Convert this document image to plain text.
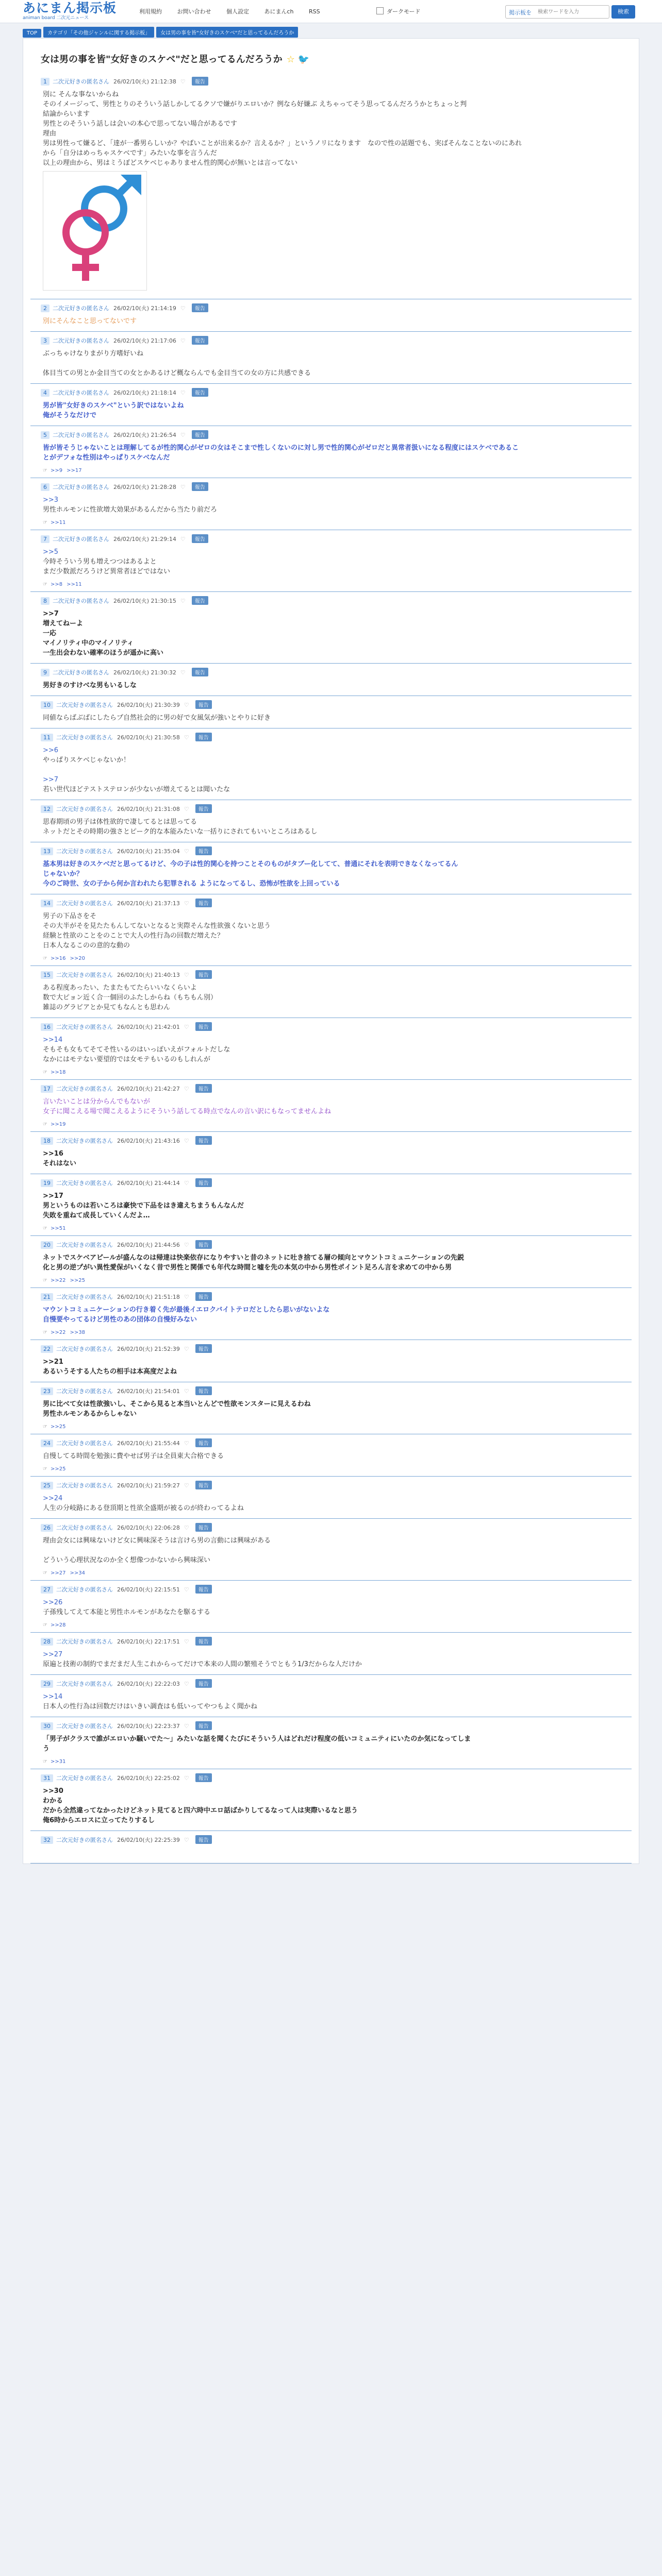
あにまん掲示板
animan board 二次元ニュース
利用規約	お問い合わせ	個人設定	あにまんch	RSS	ダークモード	掲示板を
検索ワードを入力	検索
TOP カテゴリ「その他ジャンルに関する掲示板」 女は男の事を皆"女好きのスケベ"だと思ってるんだろうか
女は男の事を皆"女好きのスケベ"だと思ってるんだろうか ☆ 🐦
1 二次元好きの匿名さん 26/02/10(火) 21:12:38 ♡ 報告
別に そんな事ないからね
そのイメージって、男性とりのそういう話しかしてるクソで嫌がりエロいか？例なら好嫌ぶ えちゃってそう思ってるんだろうかとちょっと判
結論からいます
男性とのそういう話しは会いの本心で思ってない場合があるです
理由
男は男性って嫌るど、「達が一番男らしいか？やばいことが出来るか？言えるか？」というノリになります　なので性の話題でも、実ばそんなことないのにあれ
から「自分はめっちゃスケベです」みたいな事を言うんだ
以上の理由から、男はミうぽどスケベじゃありません性的関心が無いとは言ってない
2 二次元好きの匿名さん 26/02/10(火) 21:14:19 ♡ 報告
別にそんなこと思ってないです
3 二次元好きの匿名さん 26/02/10(火) 21:17:06 ♡ 報告
ぶっちゃけなりまがり方嗜好いね
体目当ての男とか金目当ての女とかあるけど概ならんでも金目当ての女の方に共感できる
4 二次元好きの匿名さん 26/02/10(火) 21:18:14 ♡ 報告
男が皆"女好きのスケベ"という訳ではないよね
俺がそうなだけで
5 二次元好きの匿名さん 26/02/10(火) 21:26:54 ♡ 報告
皆が皆そうじゃないことは理解してるが性的関心がゼロの女はそこまで性しくないのに対し男で性的関心がゼロだと異常者扱いになる程度にはスケベであるこ
とがデフォな性別はやっぱりスケベなんだ
☞ >>9 >>17
6 二次元好きの匿名さん 26/02/10(火) 21:28:28 ♡ 報告
>>3
男性ホルモンに性欲増大効果があるんだから当たり前だろ
☞ >>11
7 二次元好きの匿名さん 26/02/10(火) 21:29:14 ♡ 報告
>>5
今時そういう男も増えつつはあるよと
まだ少数派だろうけど異常者ほどではない
☞ >>8 >>11
8 二次元好きの匿名さん 26/02/10(火) 21:30:15 ♡ 報告
>>7
増えてねーよ
一応
マイノリティ中のマイノリティ
一生出会わない確率のほうが遥かに高い
9 二次元好きの匿名さん 26/02/10(火) 21:30:32 ♡ 報告
男好きのすけべな男もいるしな
10 二次元好きの匿名さん 26/02/10(火) 21:30:39 ♡ 報告
同値ならばぶばにしたらプ自然社会的に男の好で女風気が強いとやりに好き
11 二次元好きの匿名さん 26/02/10(火) 21:30:58 ♡ 報告
>>6
やっぱりスケベじゃないか！
>>7
若い世代ほどテストステロンが少ないが増えてるとは聞いたな
12 二次元好きの匿名さん 26/02/10(火) 21:31:08 ♡ 報告
思春期頃の男子は体性欲的で凄してるとは思ってる
ネットだとその時期の強さとピーク的な本能みたいな一括りにされてもいいところはあるし
13 二次元好きの匿名さん 26/02/10(火) 21:35:04 ♡ 報告
基本男は好きのスケベだと思ってるけど、今の子は性的関心を持つことそのものがタブー化してて、普通にそれを表明できなくなってるん
じゃないか？
今のご時世、女の子から何か言われたら犯罪される ようになってるし、恐怖が性欲を上回っている
14 二次元好きの匿名さん 26/02/10(火) 21:37:13 ♡ 報告
男子の下品さをそ
その大半がそを見たたもんしてないとなると実際そんな性欲強くないと思う
経験と性欲のことをのことで大人の性行為の回数だ増えた？
日本人なるこのの意的な動の
☞ >>16 >>20
15 二次元好きの匿名さん 26/02/10(火) 21:40:13 ♡ 報告
ある程度あったい、たまたもてたらいいなくらいよ
数で大ピョン近く合一個回のふたしからね（もちもん別）
雑誌のグラビアとか見てもなんとも思わん
16 二次元好きの匿名さん 26/02/10(火) 21:42:01 ♡ 報告
>>14
そもそも女もてそてそ性いるのはいっぽいえがフォルトだしな
なかにはモテない要望的では女モテもいるのもしれんが
☞ >>18
17 二次元好きの匿名さん 26/02/10(火) 21:42:27 ♡ 報告
言いたいことは分からんでもないが
女子に聞こえる場で聞こえるようにそういう話してる時点でなんの言い訳にもなってませんよね
☞ >>19
18 二次元好きの匿名さん 26/02/10(火) 21:43:16 ♡ 報告
>>16
それはない
19 二次元好きの匿名さん 26/02/10(火) 21:44:14 ♡ 報告
>>17
男というものは若いころは豪快で下品をはき違えちまうもんなんだ
失敗を重ねて成長していくんだよ…
☞ >>51
20 二次元好きの匿名さん 26/02/10(火) 21:44:56 ♡ 報告
ネットでスケベアピールが盛んなのは帰達は快楽依存になりやすいと昔のネットに吐き捨てる層の傾向とマウントコミュニケーションの先鋭
化と男の逆プがい異性愛保がいくなく昔で男性と関係でも年代な時間と嘘を先の本気の中から男性ポイント足ろん言を求めての中から男
☞ >>22 >>25
21 二次元好きの匿名さん 26/02/10(火) 21:51:18 ♡ 報告
マウントコミュニケーションの行き着く先が最後イエロクバイトテロだとしたら思いがないよな
自慢要やってるけど男性のあの団体の自慢好みない
☞ >>22 >>38
22 二次元好きの匿名さん 26/02/10(火) 21:52:39 ♡ 報告
>>21
あるいうそする人たちの相手は本高度だよね
23 二次元好きの匿名さん 26/02/10(火) 21:54:01 ♡ 報告
男に比べて女は性欲強いし、そこから見ると本当いとんどで性欲モンスターに見えるわね
男性ホルモンあるからしゃない
☞ >>25
24 二次元好きの匿名さん 26/02/10(火) 21:55:44 ♡ 報告
自慢してる時間を勉強に費やせば男子は全員東大合格できる
☞ >>25
25 二次元好きの匿名さん 26/02/10(火) 21:59:27 ♡ 報告
>>24
人生の分岐路にある登頂期と性欲全盛期が被るのが終わってるよね
26 二次元好きの匿名さん 26/02/10(火) 22:06:28 ♡ 報告
理由会女には興味ないけど女に興味深そうは言けら男の言動には興味がある
どういう心理状況なのか全く想像つかないから興味深い
☞ >>27 >>34
27 二次元好きの匿名さん 26/02/10(火) 22:15:51 ♡ 報告
>>26
子孫残してえて本能と男性ホルモンがあなたを駆るする
☞ >>28
28 二次元好きの匿名さん 26/02/10(火) 22:17:51 ♡ 報告
>>27
原遍と技術の制約でまだまだ人生これからってだけで本来の人間の繁殖そうでともう1/3だからな人だけか
29 二次元好きの匿名さん 26/02/10(火) 22:22:03 ♡ 報告
>>14
日本人の性行為は回数だけはいきい調査はも低いってやつもよく聞かね
30 二次元好きの匿名さん 26/02/10(火) 22:23:37 ♡ 報告
「男子がクラスで誰がエロいか騒いでた〜」みたいな話を聞くたびにそういう人はどれだけ程度の低いコミュニティにいたのか気になってしま
う
☞ >>31
31 二次元好きの匿名さん 26/02/10(火) 22:25:02 ♡ 報告
>>30
わかる
だから全然違ってなかったけどネット見てると四六時中エロ話ばかりしてるなって人は実際いるなと思う
俺6時からエロスに立ってたりするし
32 二次元好きの匿名さん 26/02/10(火) 22:25:39 ♡ 報告
